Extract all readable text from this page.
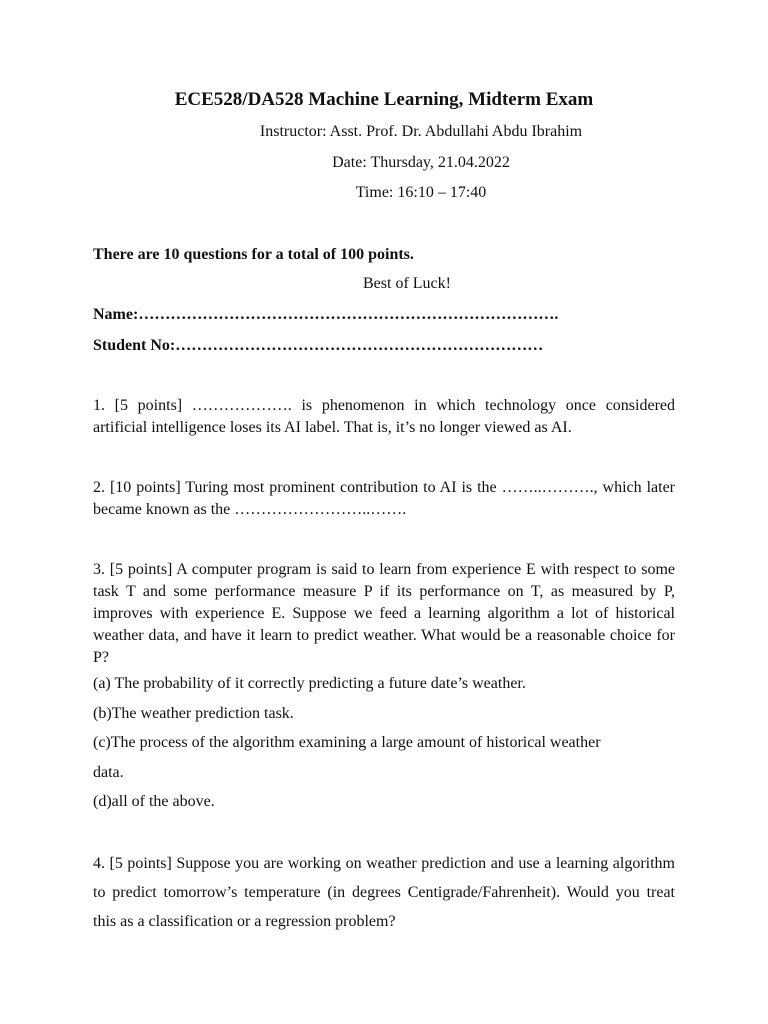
ECE528/DA528 Machine Learning, Midterm Exam
Instructor: Asst. Prof. Dr. Abdullahi Abdu Ibrahim
Date: Thursday, 21.04.2022
Time: 16:10 – 17:40
There are 10 questions for a total of 100 points.
Best of Luck!
Name:…………………………………………………………………….
Student No:……………………………………………………………
1. [5 points] ………………. is phenomenon in which technology once considered artificial intelligence loses its AI label. That is, it’s no longer viewed as AI.
2. [10 points] Turing most prominent contribution to AI is the ……..………., which later became known as the ……………………..…….
3. [5 points] A computer program is said to learn from experience E with respect to some task T and some performance measure P if its performance on T, as measured by P, improves with experience E. Suppose we feed a learning algorithm a lot of historical weather data, and have it learn to predict weather. What would be a reasonable choice for P?
(a) The probability of it correctly predicting a future date’s weather.
(b)The weather prediction task.
(c)The process of the algorithm examining a large amount of historical weather
data.
(d)all of the above.
4. [5 points] Suppose you are working on weather prediction and use a learning algorithm to predict tomorrow’s temperature (in degrees Centigrade/Fahrenheit). Would you treat this as a classification or a regression problem?
